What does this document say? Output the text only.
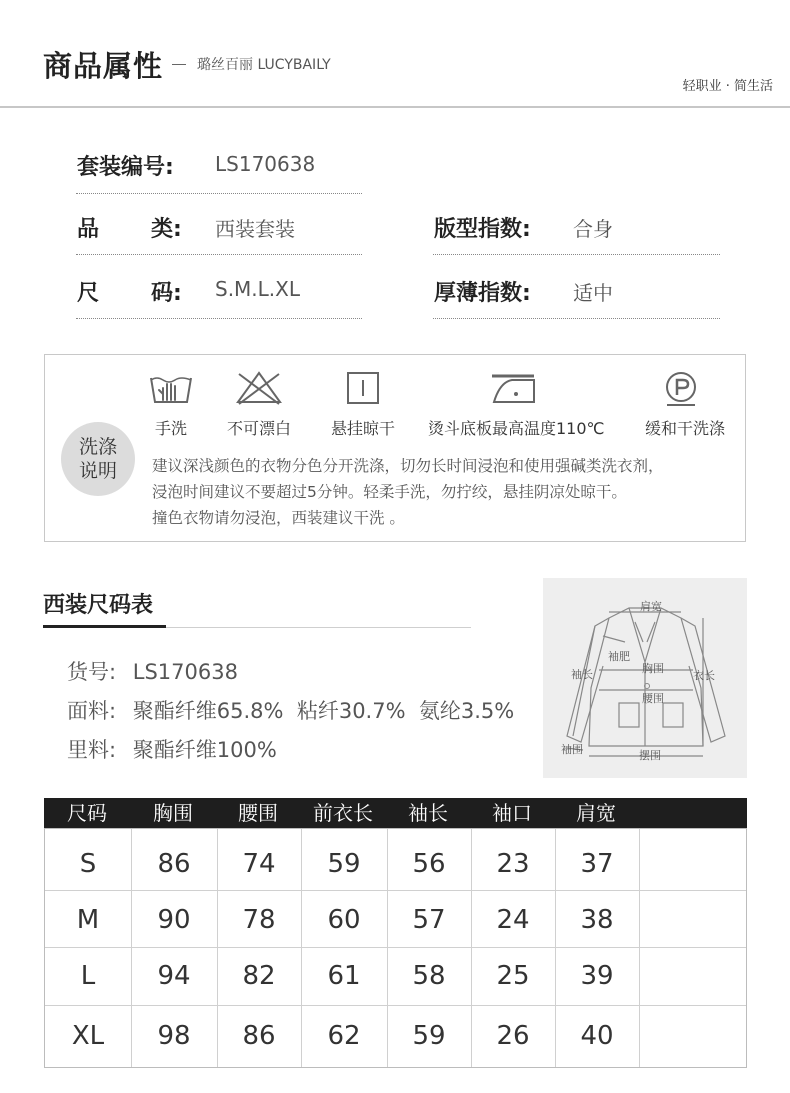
商品属性 璐丝百丽 LUCYBAILY
轻职业 · 简生活
套装编号: LS170638
品 类: 西装套装
尺 码: S.M.L.XL
版型指数: 合身
厚薄指数: 适中
洗涤
说明
手洗	不可漂白	悬挂晾干	烫斗底板最高温度110℃	缓和干洗涤
建议深浅颜色的衣物分色分开洗涤，切勿长时间浸泡和使用强碱类洗衣剂，
浸泡时间建议不要超过5分钟。轻柔手洗，勿拧绞，悬挂阴凉处晾干。
撞色衣物请勿浸泡，西装建议干洗 。
西装尺码表
货号: LS170638
面料: 聚酯纤维65.8%  粘纤30.7%  氨纶3.5%
里料: 聚酯纤维100%
肩宽
袖肥
胸围
腰围
袖长	衣长
袖围	摆围
尺码	胸围	腰围	前衣长	袖长	袖口	肩宽
S	86	74	59	56	23	37
M	90	78	60	57	24	38
L	94	82	61	58	25	39
XL	98	86	62	59	26	40
